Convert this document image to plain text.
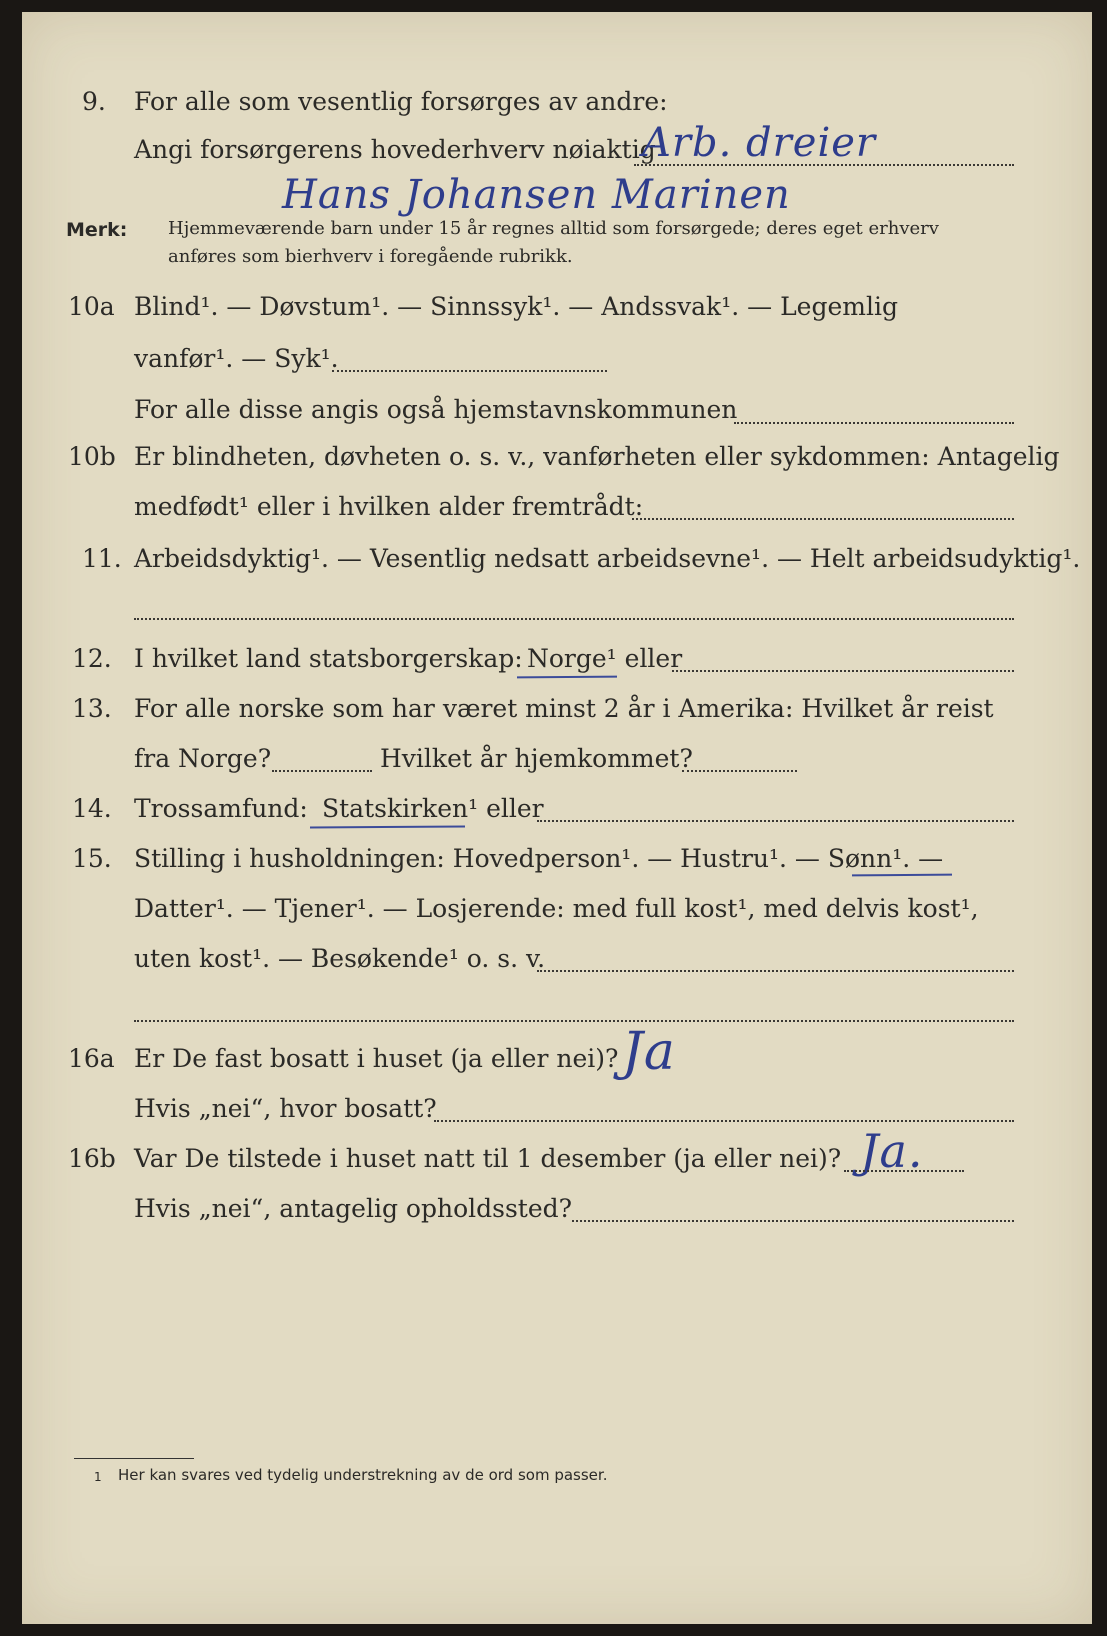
9. For alle som vesentlig forsørges av andre:
Angi forsørgerens hovederhverv nøiaktig
Arb. dreier
Hans Johansen Marinen
Merk: Hjemmeværende barn under 15 år regnes alltid som forsørgede; deres eget erhverv
anføres som bierhverv i foregående rubrikk.
10a Blind¹. — Døvstum¹. — Sinnssyk¹. — Andssvak¹. — Legemlig
vanfør¹. — Syk¹.
For alle disse angis også hjemstavnskommunen
10b Er blindheten, døvheten o. s. v., vanførheten eller sykdommen: Antagelig
medfødt¹ eller i hvilken alder fremtrådt:
11. Arbeidsdyktig¹. — Vesentlig nedsatt arbeidsevne¹. — Helt arbeidsudyktig¹.
12. I hvilket land statsborgerskap: Norge¹ eller
13. For alle norske som har været minst 2 år i Amerika: Hvilket år reist
fra Norge?	Hvilket år hjemkommet?
14. Trossamfund: Statskirken¹ eller
15. Stilling i husholdningen: Hovedperson¹. — Hustru¹. — Sønn¹. —
Datter¹. — Tjener¹. — Losjerende: med full kost¹, med delvis kost¹,
uten kost¹. — Besøkende¹ o. s. v.
16a Er De fast bosatt i huset (ja eller nei)? Ja
Hvis „nei“, hvor bosatt?
16b Var De tilstede i huset natt til 1 desember (ja eller nei)? Ja.
Hvis „nei“, antagelig opholdssted?
1 Her kan svares ved tydelig understrekning av de ord som passer.
